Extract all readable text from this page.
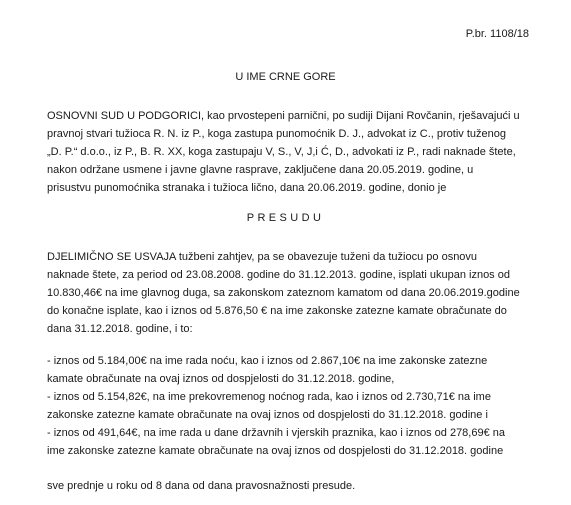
P.br. 1108/18
U IME CRNE GORE

OSNOVNI SUD U PODGORICI, kao prvostepeni parnični, po sudiji Dijani Rovčanin, rješavajući u
pravnoj stvari tužioca R. N. iz P., koga zastupa punomoćnik D. J., advokat iz C., protiv tuženog
„D. P.“ d.o.o., iz P., B. R. XX, koga zastupaju V, S., V, J,i Ć, D., advokati iz P., radi naknade štete,
nakon održane usmene i javne glavne rasprave, zaključene dana 20.05.2019. godine, u
prisustvu punomoćnika stranaka i tužioca lično, dana 20.06.2019. godine, donio je

PRESUDU

DJELIMIČNO SE USVAJA tužbeni zahtjev, pa se obavezuje tuženi da tužiocu po osnovu
naknade štete, za period od 23.08.2008. godine do 31.12.2013. godine, isplati ukupan iznos od
10.830,46€ na ime glavnog duga, sa zakonskom zateznom kamatom od dana 20.06.2019.godine
do konačne isplate, kao i iznos od 5.876,50 € na ime zakonske zatezne kamate obračunate do
dana 31.12.2018. godine, i to:

- iznos od 5.184,00€ na ime rada noću, kao i iznos od 2.867,10€ na ime zakonske zatezne
kamate obračunate na ovaj iznos od dospjelosti do 31.12.2018. godine,
- iznos od 5.154,82€, na ime prekovremenog noćnog rada, kao i iznos od 2.730,71€ na ime
zakonske zatezne kamate obračunate na ovaj iznos od dospjelosti do 31.12.2018. godine i
- iznos od 491,64€, na ime rada u dane državnih i vjerskih praznika, kao i iznos od 278,69€ na
ime zakonske zatezne kamate obračunate na ovaj iznos od dospjelosti do 31.12.2018. godine

sve prednje u roku od 8 dana od dana pravosnažnosti presude.
